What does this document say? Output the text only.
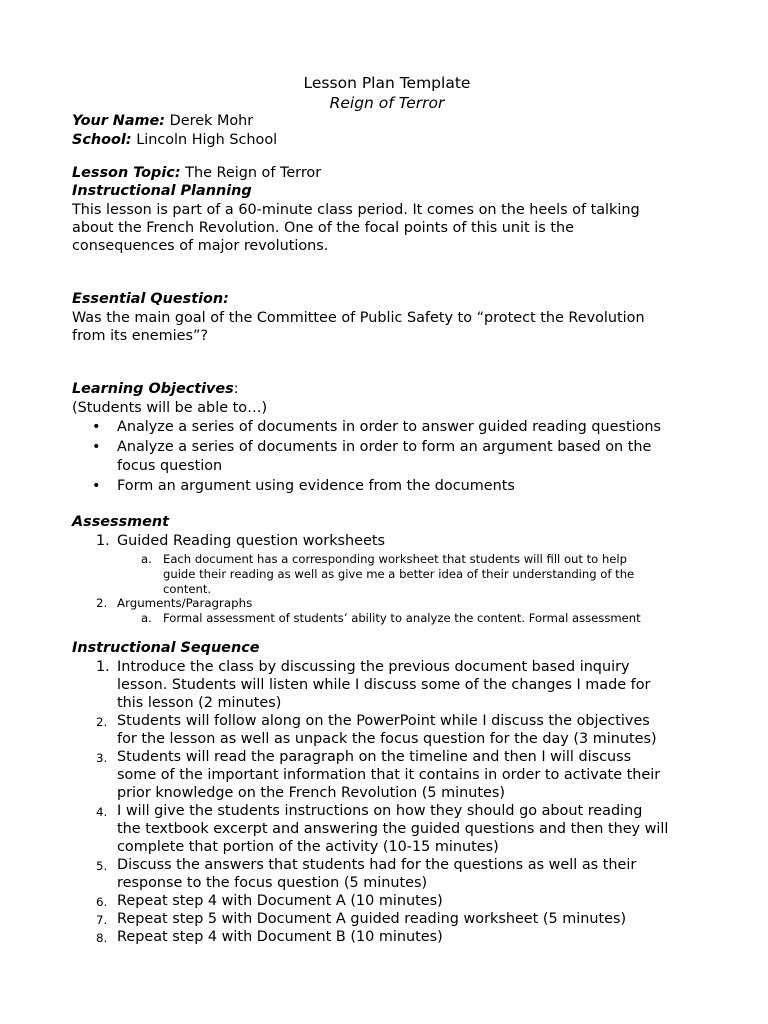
Lesson Plan Template
Reign of Terror
Your Name: Derek Mohr
School: Lincoln High School
Lesson Topic: The Reign of Terror
Instructional Planning
This lesson is part of a 60-minute class period. It comes on the heels of talking
about the French Revolution. One of the focal points of this unit is the
consequences of major revolutions.
Essential Question:
Was the main goal of the Committee of Public Safety to “protect the Revolution
from its enemies”?
Learning Objectives:
(Students will be able to…)
• Analyze a series of documents in order to answer guided reading questions
• Analyze a series of documents in order to form an argument based on the
focus question
• Form an argument using evidence from the documents
Assessment
1. Guided Reading question worksheets
a. Each document has a corresponding worksheet that students will fill out to help
guide their reading as well as give me a better idea of their understanding of the
content.
2. Arguments/Paragraphs
a. Formal assessment of students’ ability to analyze the content. Formal assessment
Instructional Sequence
1. Introduce the class by discussing the previous document based inquiry
lesson. Students will listen while I discuss some of the changes I made for
this lesson (2 minutes)
2. Students will follow along on the PowerPoint while I discuss the objectives
for the lesson as well as unpack the focus question for the day (3 minutes)
3. Students will read the paragraph on the timeline and then I will discuss
some of the important information that it contains in order to activate their
prior knowledge on the French Revolution (5 minutes)
4. I will give the students instructions on how they should go about reading
the textbook excerpt and answering the guided questions and then they will
complete that portion of the activity (10-15 minutes)
5. Discuss the answers that students had for the questions as well as their
response to the focus question (5 minutes)
6. Repeat step 4 with Document A (10 minutes)
7. Repeat step 5 with Document A guided reading worksheet (5 minutes)
8. Repeat step 4 with Document B (10 minutes)
